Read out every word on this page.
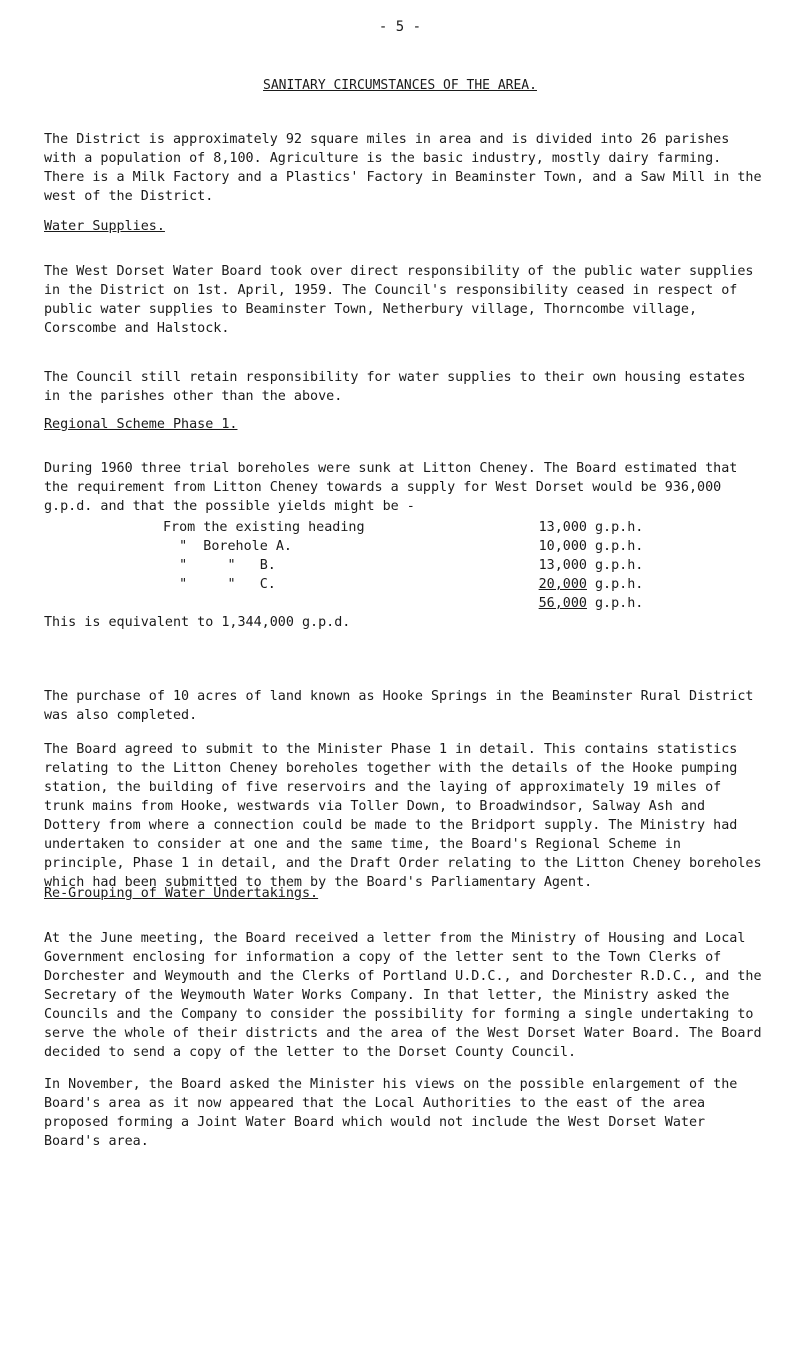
- 5 -
SANITARY CIRCUMSTANCES OF THE AREA.

The District is approximately 92 square miles in area and is divided into 26 parishes with a population of 8,100. Agriculture is the basic industry, mostly dairy farming. There is a Milk Factory and a Plastics' Factory in Beaminster Town, and a Saw Mill in the west of the District.

Water Supplies.

The West Dorset Water Board took over direct responsibility of the public water supplies in the District on 1st. April, 1959. The Council's responsibility ceased in respect of public water supplies to Beaminster Town, Netherbury village, Thorncombe village, Corscombe and Halstock.

The Council still retain responsibility for water supplies to their own housing estates in the parishes other than the above.

Regional Scheme Phase 1.

During 1960 three trial boreholes were sunk at Litton Cheney. The Board estimated that the requirement from Litton Cheney towards a supply for West Dorset would be 936,000 g.p.d. and that the possible yields might be -

From the existing heading	13,000 g.p.h.
"  Borehole A.	10,000 g.p.h.
"     "   B.	13,000 g.p.h.
"     "   C.	20,000 g.p.h.
56,000 g.p.h.

This is equivalent to 1,344,000 g.p.d.

The purchase of 10 acres of land known as Hooke Springs in the Beaminster Rural District was also completed.

The Board agreed to submit to the Minister Phase 1 in detail. This contains statistics relating to the Litton Cheney boreholes together with the details of the Hooke pumping station, the building of five reservoirs and the laying of approximately 19 miles of trunk mains from Hooke, westwards via Toller Down, to Broadwindsor, Salway Ash and Dottery from where a connection could be made to the Bridport supply. The Ministry had undertaken to consider at one and the same time, the Board's Regional Scheme in principle, Phase 1 in detail, and the Draft Order relating to the Litton Cheney boreholes which had been submitted to them by the Board's Parliamentary Agent.

Re-Grouping of Water Undertakings.

At the June meeting, the Board received a letter from the Ministry of Housing and Local Government enclosing for information a copy of the letter sent to the Town Clerks of Dorchester and Weymouth and the Clerks of Portland U.D.C., and Dorchester R.D.C., and the Secretary of the Weymouth Water Works Company. In that letter, the Ministry asked the Councils and the Company to consider the possibility for forming a single undertaking to serve the whole of their districts and the area of the West Dorset Water Board. The Board decided to send a copy of the letter to the Dorset County Council.

In November, the Board asked the Minister his views on the possible enlargement of the Board's area as it now appeared that the Local Authorities to the east of the area proposed forming a Joint Water Board which would not include the West Dorset Water Board's area.
